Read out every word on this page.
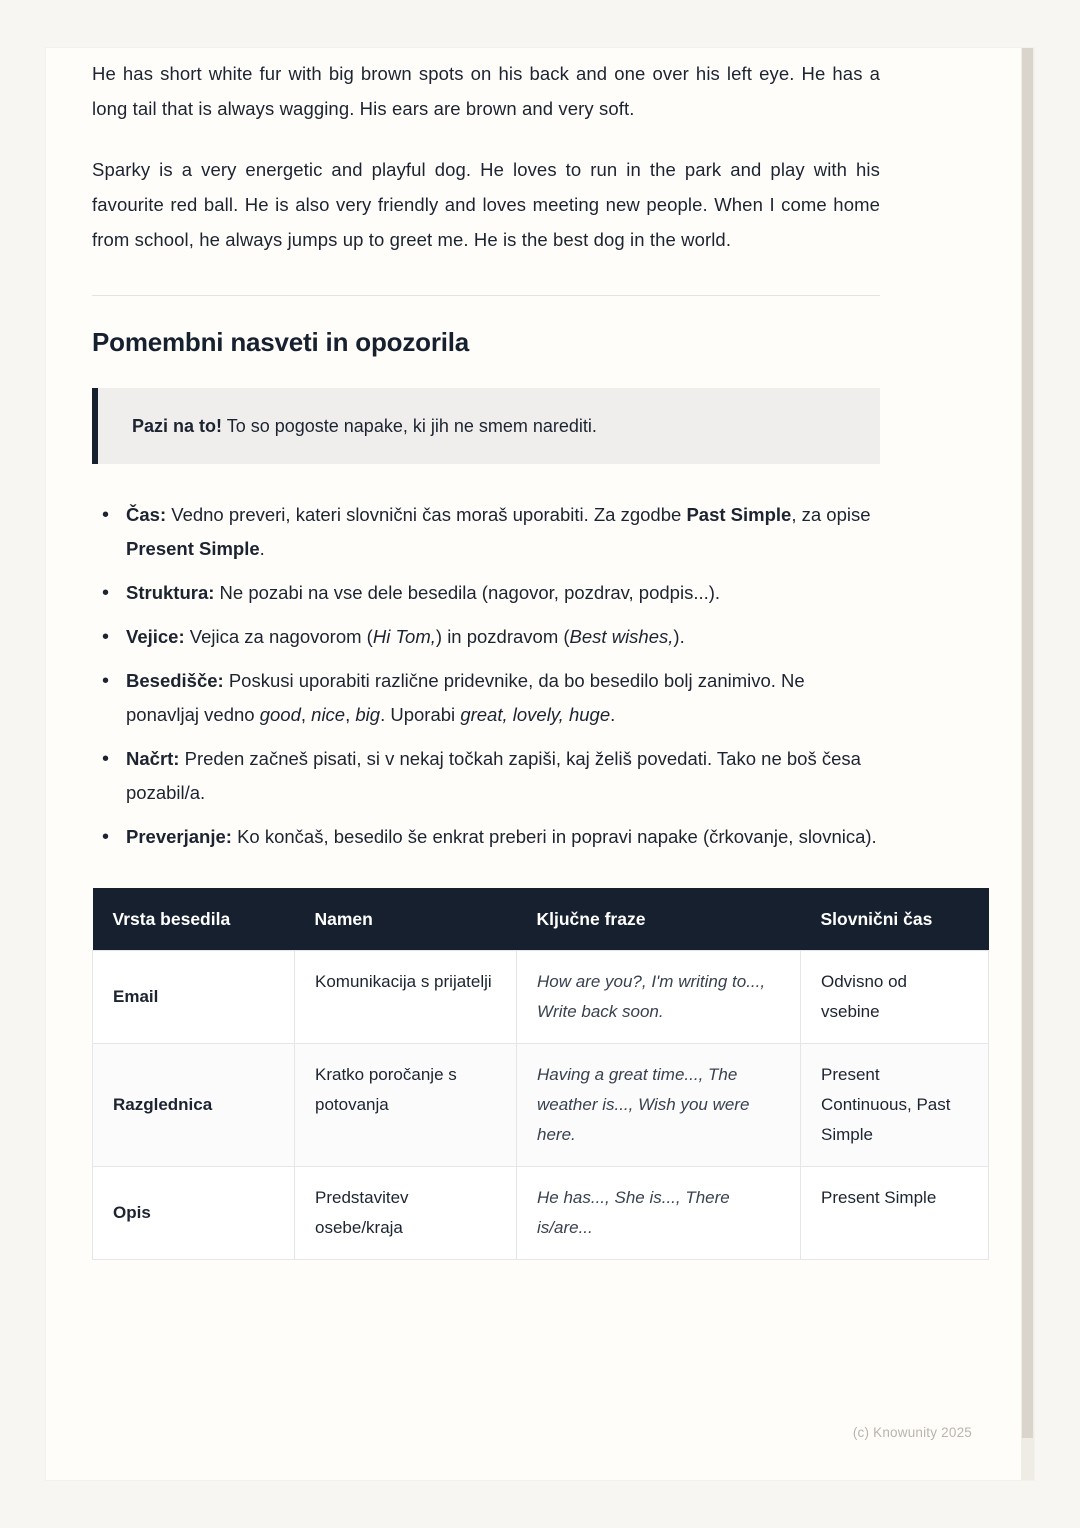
He has short white fur with big brown spots on his back and one over his left eye. He has a long tail that is always wagging. His ears are brown and very soft.

Sparky is a very energetic and playful dog. He loves to run in the park and play with his favourite red ball. He is also very friendly and loves meeting new people. When I come home from school, he always jumps up to greet me. He is the best dog in the world.

Pomembni nasveti in opozorila
Pazi na to! To so pogoste napake, ki jih ne smem narediti.
• Čas: Vedno preveri, kateri slovnični čas moraš uporabiti. Za zgodbe Past Simple, za opise Present Simple.
• Struktura: Ne pozabi na vse dele besedila (nagovor, pozdrav, podpis...).
• Vejice: Vejica za nagovorom (Hi Tom,) in pozdravom (Best wishes,).
• Besedišče: Poskusi uporabiti različne pridevnike, da bo besedilo bolj zanimivo. Ne ponavljaj vedno good, nice, big. Uporabi great, lovely, huge.
• Načrt: Preden začneš pisati, si v nekaj točkah zapiši, kaj želiš povedati. Tako ne boš česa pozabil/a.
• Preverjanje: Ko končaš, besedilo še enkrat preberi in popravi napake (črkovanje, slovnica).
Vrsta besedila	Namen	Ključne fraze	Slovnični čas
Email	Komunikacija s prijatelji	How are you?, I'm writing to..., Write back soon.	Odvisno od vsebine
Razglednica	Kratko poročanje s potovanja	Having a great time..., The weather is..., Wish you were here.	Present Continuous, Past Simple
Opis	Predstavitev osebe/kraja	He has..., She is..., There is/are...	Present Simple
(c) Knowunity 2025
